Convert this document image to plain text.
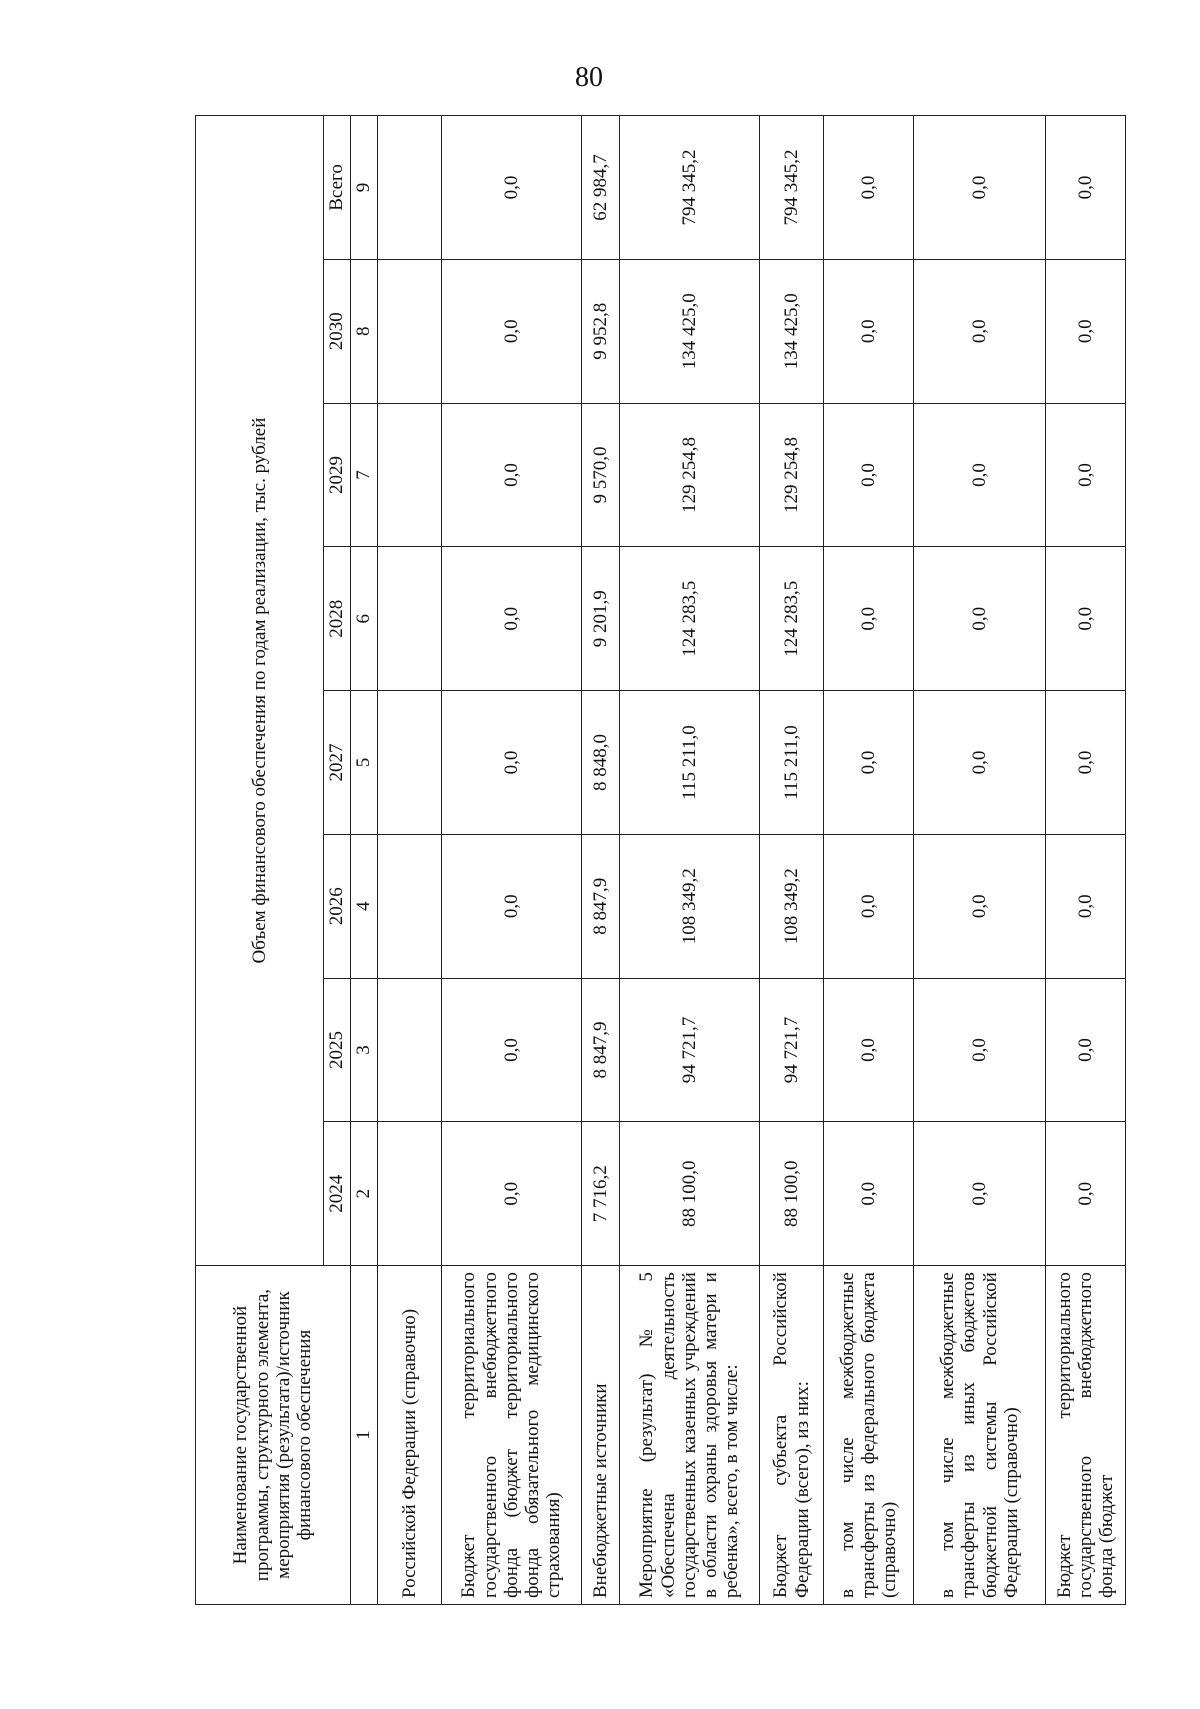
80
Наименование государственной программы, структурного элемента, мероприятия (результата)/источник финансового обеспечения	Объем финансового обеспечения по годам реализации, тыс. рублей							
	2024	2025	2026	2027	2028	2029	2030	Всего
1	2	3	4	5	6	7	8	9
Российской Федерации (справочно)								
Бюджет территориального государственного внебюджетного фонда (бюджет территориального фонда обязательного медицинского страхования)	0,0	0,0	0,0	0,0	0,0	0,0	0,0	0,0
Внебюджетные источники	7 716,2	8 847,9	8 847,9	8 848,0	9 201,9	9 570,0	9 952,8	62 984,7
Мероприятие (результат) № 5 «Обеспечена деятельность государственных казенных учреждений в области охраны здоровья матери и ребенка», всего, в том числе:	88 100,0	94 721,7	108 349,2	115 211,0	124 283,5	129 254,8	134 425,0	794 345,2
Бюджет субъекта Российской Федерации (всего), из них:	88 100,0	94 721,7	108 349,2	115 211,0	124 283,5	129 254,8	134 425,0	794 345,2
в том числе межбюджетные трансферты из федерального бюджета (справочно)	0,0	0,0	0,0	0,0	0,0	0,0	0,0	0,0
в том числе межбюджетные трансферты из иных бюджетов бюджетной системы Российской Федерации (справочно)	0,0	0,0	0,0	0,0	0,0	0,0	0,0	0,0
Бюджет территориального государственного внебюджетного фонда (бюджет	0,0	0,0	0,0	0,0	0,0	0,0	0,0	0,0
